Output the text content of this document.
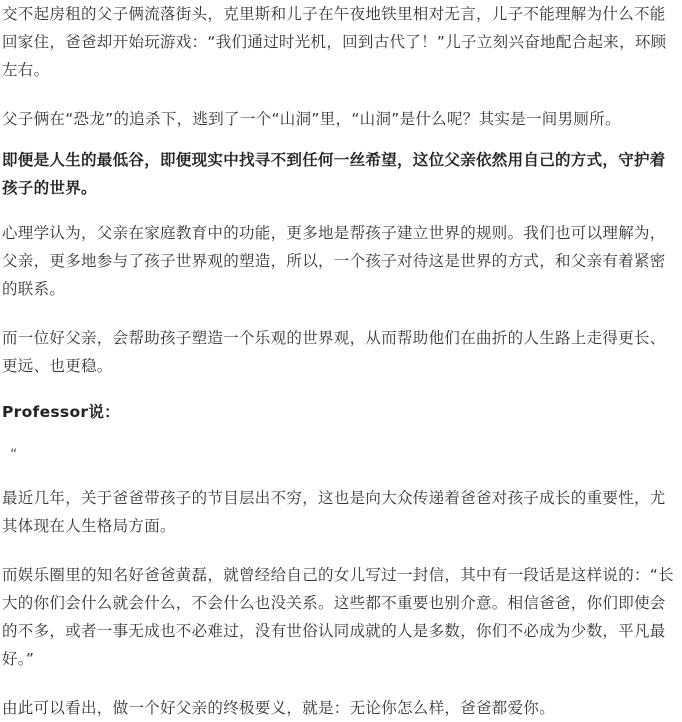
交不起房租的父子俩流落街头，克里斯和儿子在午夜地铁里相对无言，儿子不能理解为什么不能回家住，爸爸却开始玩游戏：“我们通过时光机，回到古代了！”儿子立刻兴奋地配合起来，环顾左右。

父子俩在“恐龙”的追杀下，逃到了一个“山洞”里，“山洞”是什么呢？其实是一间男厕所。

即便是人生的最低谷，即便现实中找寻不到任何一丝希望，这位父亲依然用自己的方式，守护着孩子的世界。

心理学认为，父亲在家庭教育中的功能，更多地是帮孩子建立世界的规则。我们也可以理解为，父亲，更多地参与了孩子世界观的塑造，所以，一个孩子对待这是世界的方式，和父亲有着紧密的联系。

而一位好父亲，会帮助孩子塑造一个乐观的世界观，从而帮助他们在曲折的人生路上走得更长、更远、也更稳。

Professor说：

“

最近几年，关于爸爸带孩子的节目层出不穷，这也是向大众传递着爸爸对孩子成长的重要性，尤其体现在人生格局方面。

而娱乐圈里的知名好爸爸黄磊，就曾经给自己的女儿写过一封信，其中有一段话是这样说的：“长大的你们会什么就会什么，不会什么也没关系。这些都不重要也别介意。相信爸爸，你们即使会的不多，或者一事无成也不必难过，没有世俗认同成就的人是多数，你们不必成为少数，平凡最好。”

由此可以看出，做一个好父亲的终极要义，就是：无论你怎么样，爸爸都爱你。
